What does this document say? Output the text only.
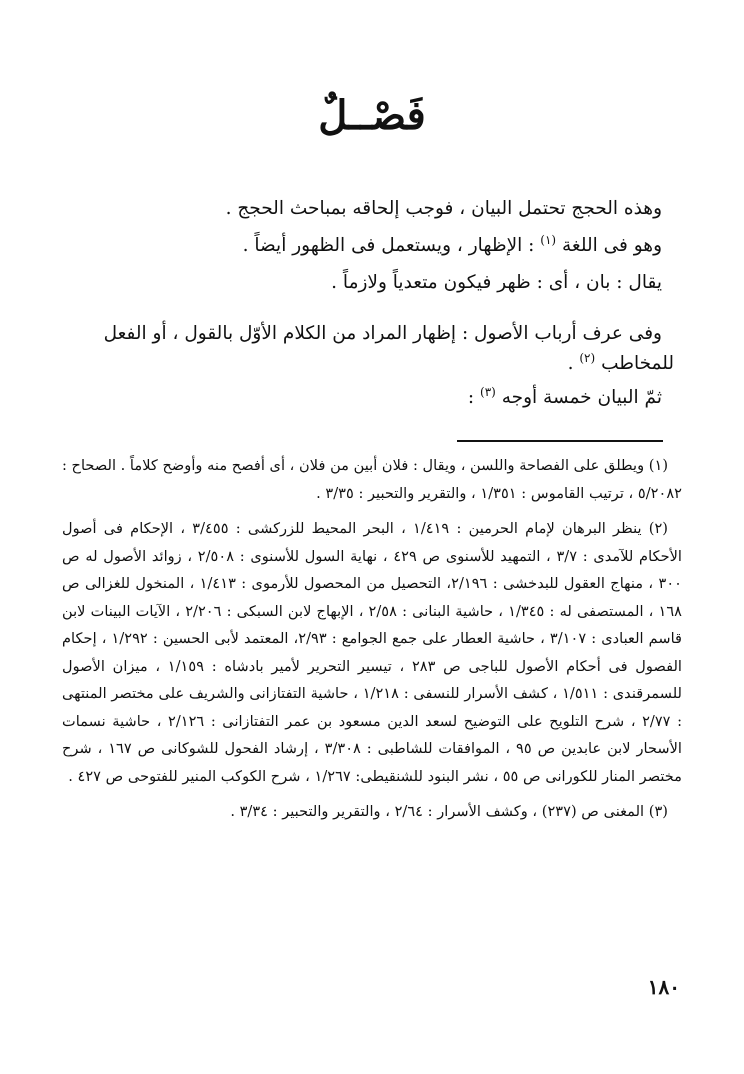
فَصْــلٌ

وهذه الحجج تحتمل البيان ، فوجب إلحاقه بمباحث الحجج .

وهو فى اللغة $^{(١)}$ : الإظهار ، ويستعمل فى الظهور أيضاً .

يقال : بان ، أى : ظهر فيكون متعدياً ولازماً .

وفى عرف أرباب الأصول : إظهار المراد من الكلام الأوّل بالقول ، أو الفعل للمخاطب $^{(٢)}$ .

ثمّ البيان خمسة أوجه $^{(٣)}$ :

(١) ويطلق على الفصاحة واللسن ، ويقال : فلان أبين من فلان ، أى أفصح منه وأوضح كلاماً . الصحاح : ٥/٢٠٨٢ ، ترتيب القاموس : ١/٣٥١ ، والتقرير والتحبير : ٣/٣٥ .

(٢) ينظر البرهان لإمام الحرمين : ١/٤١٩ ، البحر المحيط للزركشى : ٣/٤٥٥ ، الإحكام فى أصول الأحكام للآمدى : ٣/٧ ، التمهيد للأسنوى ص ٤٢٩ ، نهاية السول للأسنوى : ٢/٥٠٨ ، زوائد الأصول له ص ٣٠٠ ، منهاج العقول للبدخشى : ٢/١٩٦، التحصيل من المحصول للأرموى : ١/٤١٣ ، المنخول للغزالى ص ١٦٨ ، المستصفى له : ١/٣٤٥ ، حاشية البنانى : ٢/٥٨ ، الإبهاج لابن السبكى : ٢/٢٠٦ ، الآيات البينات لابن قاسم العبادى : ٣/١٠٧ ، حاشية العطار على جمع الجوامع : ٢/٩٣، المعتمد لأبى الحسين : ١/٢٩٢ ، إحكام الفصول فى أحكام الأصول للباجى ص ٢٨٣ ، تيسير التحرير لأمير بادشاه : ١/١٥٩ ، ميزان الأصول للسمرقندى : ١/٥١١ ، كشف الأسرار للنسفى : ١/٢١٨ ، حاشية التفتازانى والشريف على مختصر المنتهى : ٢/٧٧ ، شرح التلويح على التوضيح لسعد الدين مسعود بن عمر التفتازانى : ٢/١٢٦ ، حاشية نسمات الأسحار لابن عابدين ص ٩٥ ، الموافقات للشاطبى : ٣/٣٠٨ ، إرشاد الفحول للشوكانى ص ١٦٧ ، شرح مختصر المنار للكورانى ص ٥٥ ، نشر البنود للشنقيطى: ١/٢٦٧ ، شرح الكوكب المنير للفتوحى ص ٤٢٧ .

(٣) المغنى ص (٢٣٧) ، وكشف الأسرار : ٢/٦٤ ، والتقرير والتحبير : ٣/٣٤ .

١٨٠
